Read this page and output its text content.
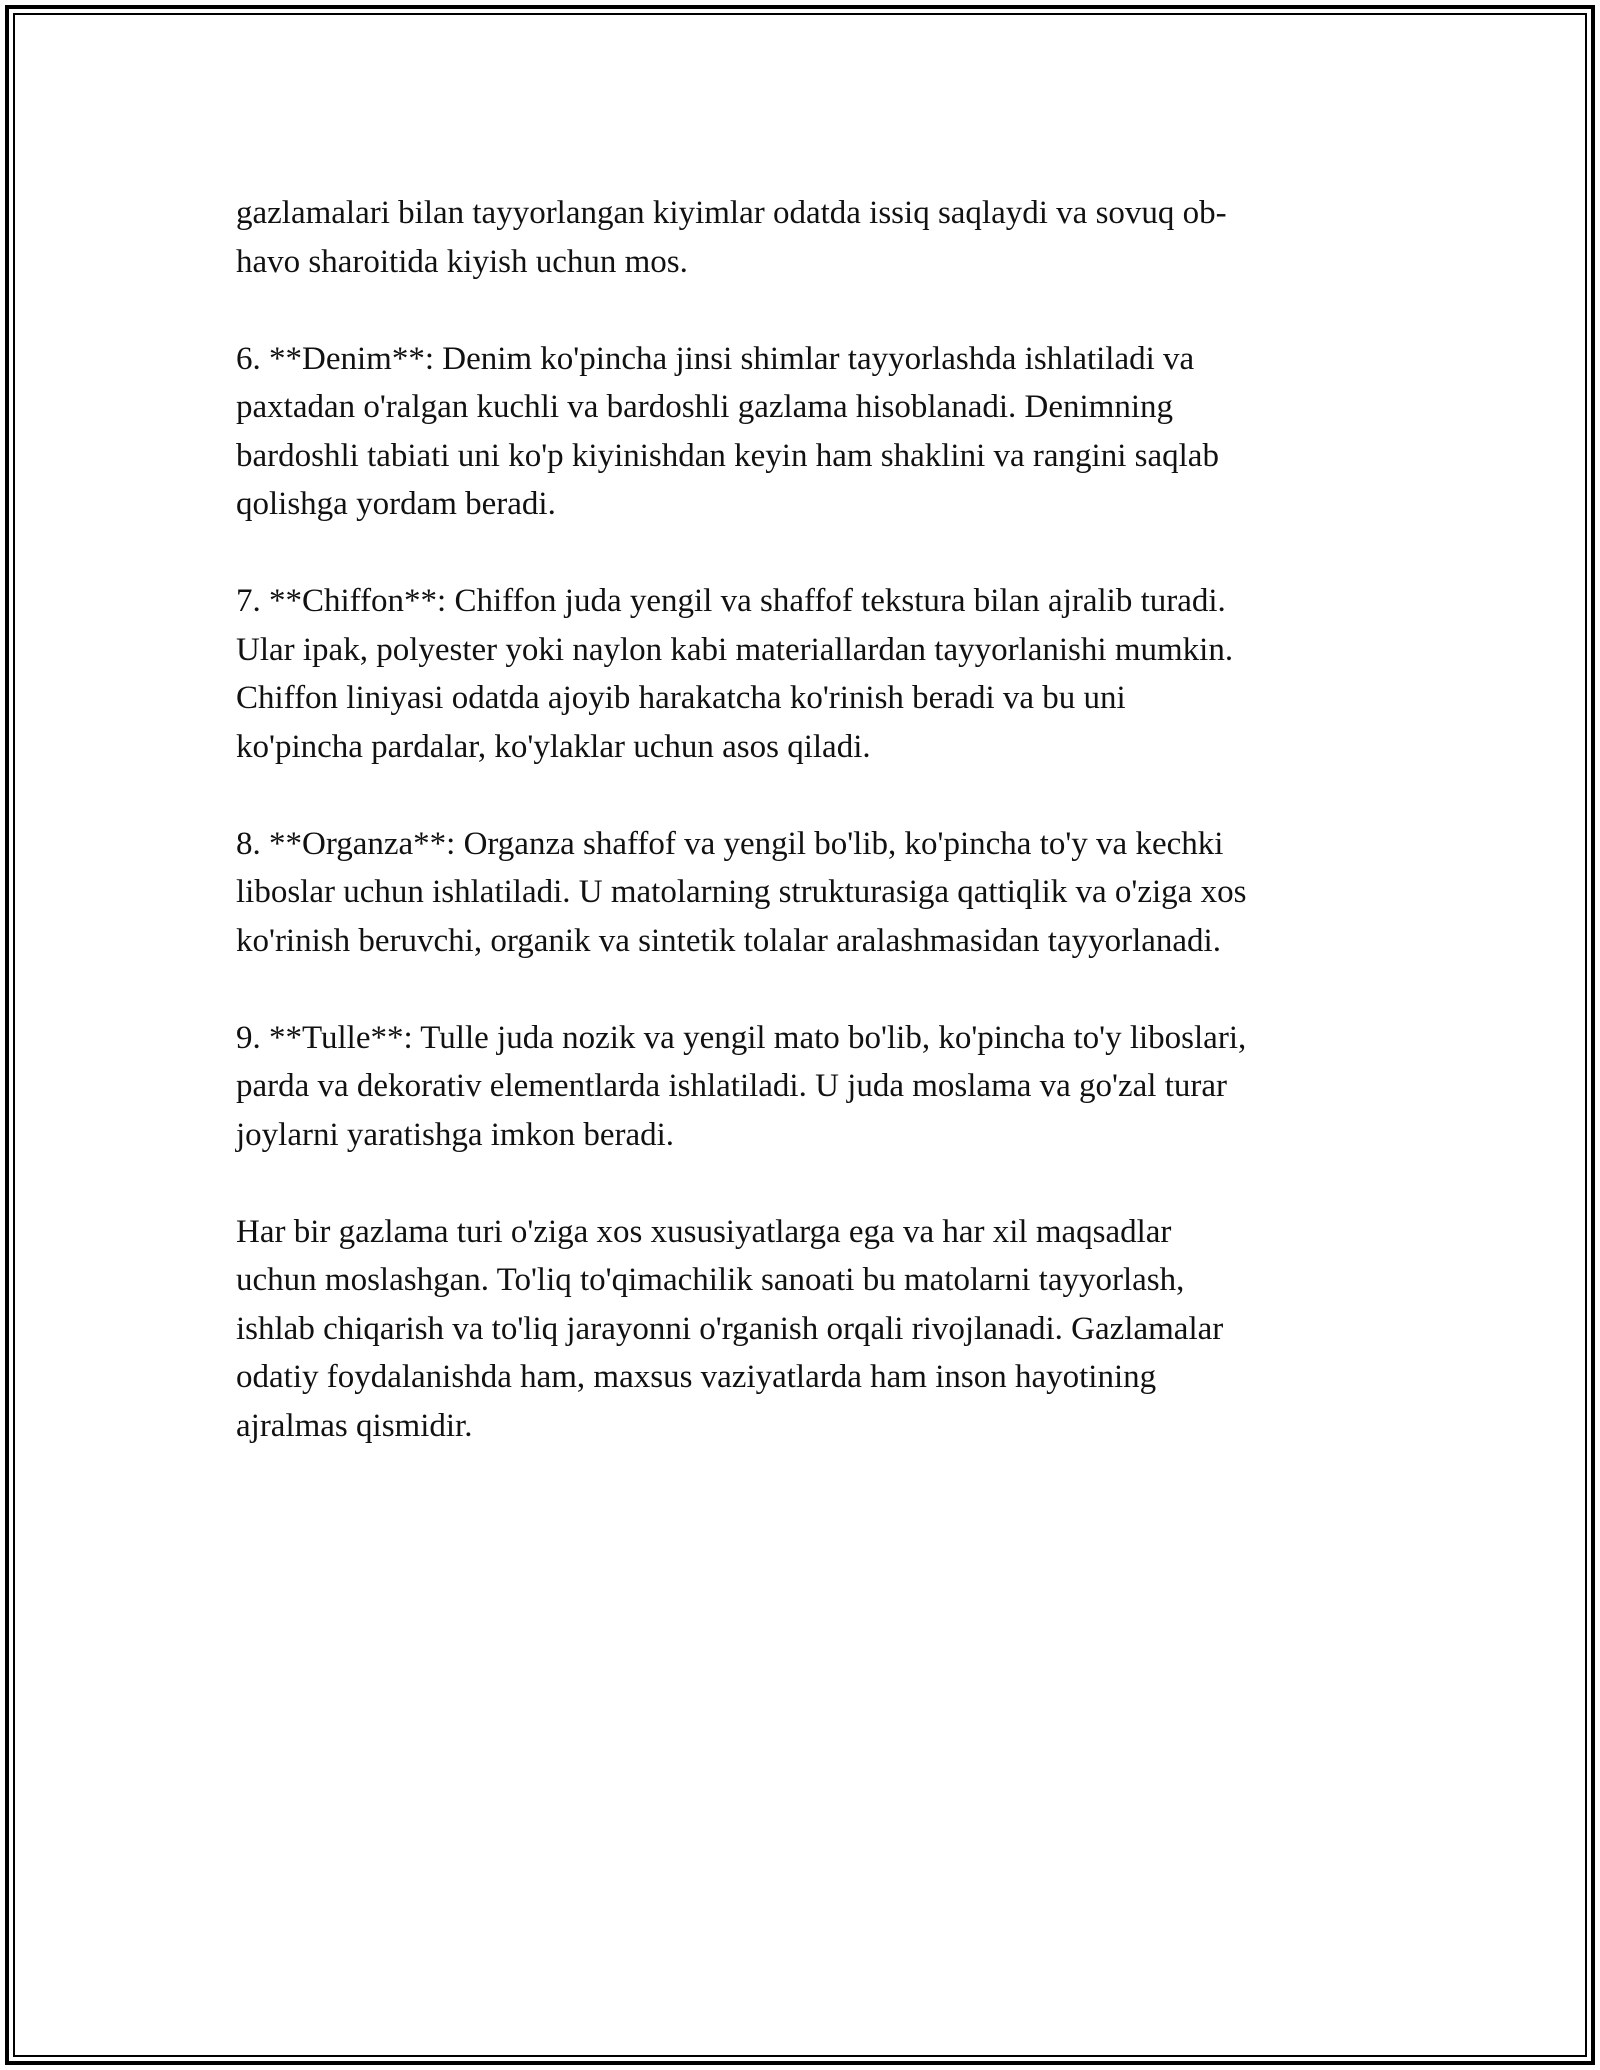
gazlamalari bilan tayyorlangan kiyimlar odatda issiq saqlaydi va sovuq ob-
havo sharoitida kiyish uchun mos.

6. **Denim**: Denim ko'pincha jinsi shimlar tayyorlashda ishlatiladi va
paxtadan o'ralgan kuchli va bardoshli gazlama hisoblanadi. Denimning
bardoshli tabiati uni ko'p kiyinishdan keyin ham shaklini va rangini saqlab
qolishga yordam beradi.

7. **Chiffon**: Chiffon juda yengil va shaffof tekstura bilan ajralib turadi.
Ular ipak, polyester yoki naylon kabi materiallardan tayyorlanishi mumkin.
Chiffon liniyasi odatda ajoyib harakatcha ko'rinish beradi va bu uni
ko'pincha pardalar, ko'ylaklar uchun asos qiladi.

8. **Organza**: Organza shaffof va yengil bo'lib, ko'pincha to'y va kechki
liboslar uchun ishlatiladi. U matolarning strukturasiga qattiqlik va o'ziga xos
ko'rinish beruvchi, organik va sintetik tolalar aralashmasidan tayyorlanadi.

9. **Tulle**: Tulle juda nozik va yengil mato bo'lib, ko'pincha to'y liboslari,
parda va dekorativ elementlarda ishlatiladi. U juda moslama va go'zal turar
joylarni yaratishga imkon beradi.

Har bir gazlama turi o'ziga xos xususiyatlarga ega va har xil maqsadlar
uchun moslashgan. To'liq to'qimachilik sanoati bu matolarni tayyorlash,
ishlab chiqarish va to'liq jarayonni o'rganish orqali rivojlanadi. Gazlamalar
odatiy foydalanishda ham, maxsus vaziyatlarda ham inson hayotining
ajralmas qismidir.
